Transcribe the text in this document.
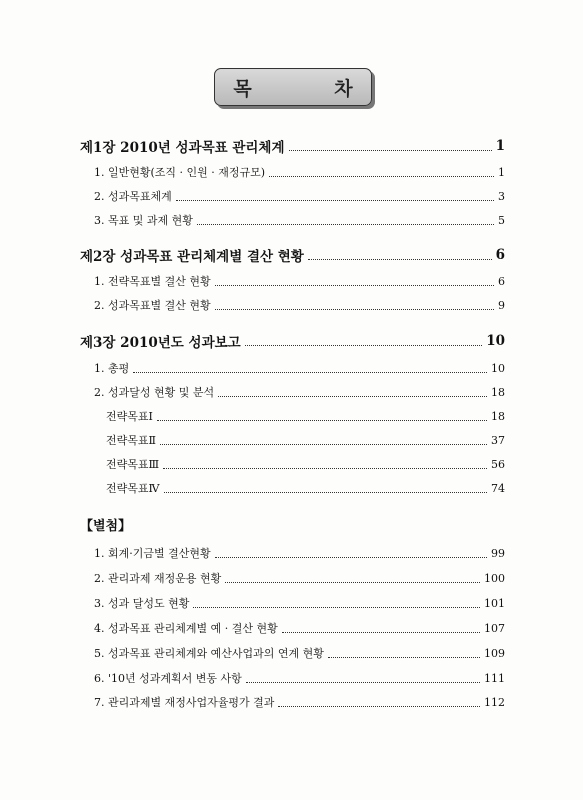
목 차
제1장 2010년 성과목표 관리체계	1
1. 일반현황(조직 · 인원 · 재정규모)	1
2. 성과목표체계	3
3. 목표 및 과제 현황	5
제2장 성과목표 관리체계별 결산 현황	6
1. 전략목표별 결산 현황	6
2. 성과목표별 결산 현황	9
제3장 2010년도 성과보고	10
1. 총평	10
2. 성과달성 현황 및 분석	18
전략목표Ⅰ	18
전략목표Ⅱ	37
전략목표Ⅲ	56
전략목표Ⅳ	74
【별첨】
1. 회계·기금별 결산현황	99
2. 관리과제 재정운용 현황	100
3. 성과 달성도 현황	101
4. 성과목표 관리체계별 예 · 결산 현황	107
5. 성과목표 관리체계와 예산사업과의 연계 현황	109
6. '10년 성과계획서 변동 사항	111
7. 관리과제별 재정사업자율평가 결과	112
